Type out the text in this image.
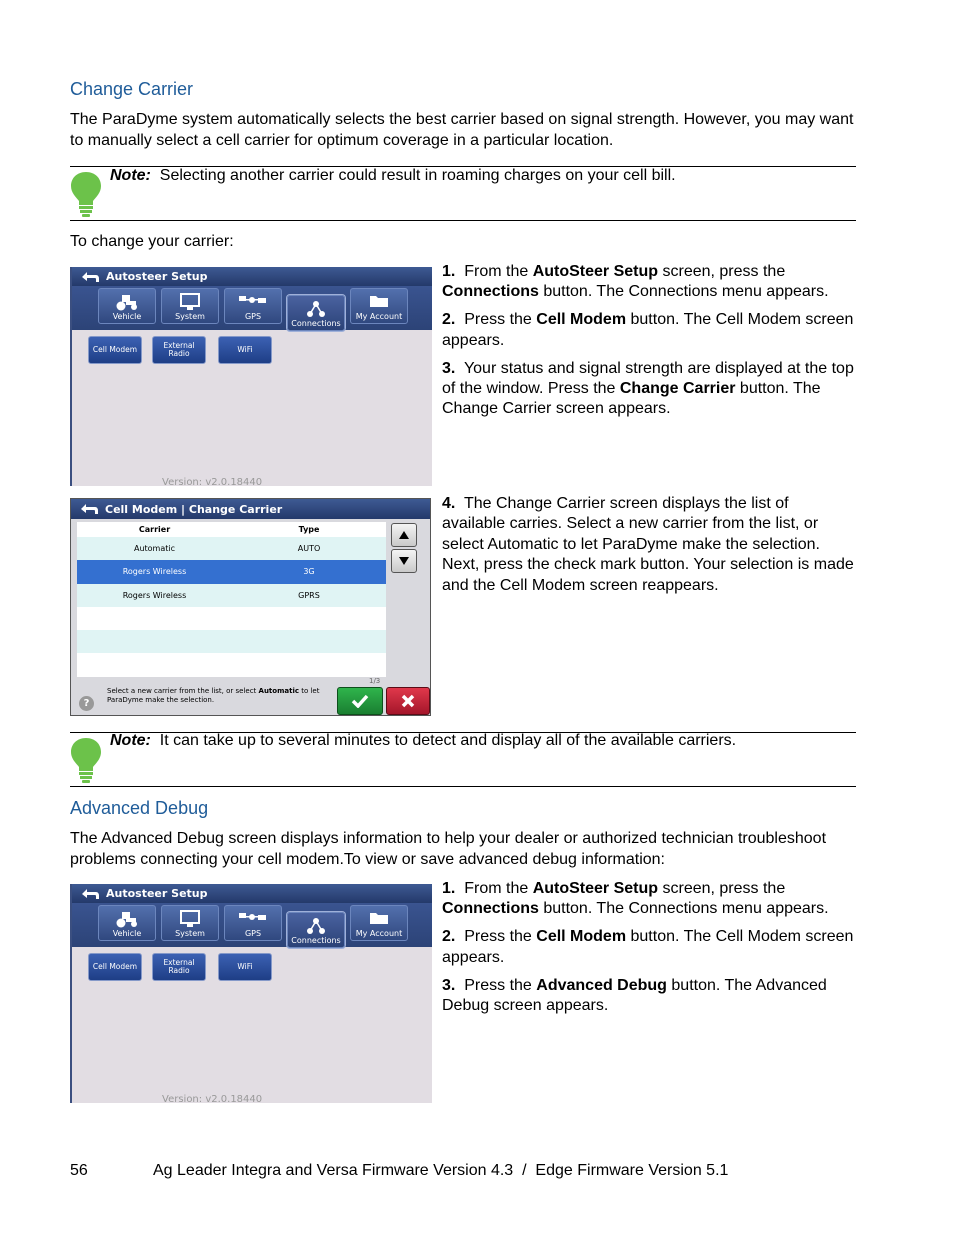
Change Carrier
The ParaDyme system automatically selects the best carrier based on signal strength. However, you may want to manually select a cell carrier for optimum coverage in a particular location.
Note: Selecting another carrier could result in roaming charges on your cell bill.
To change your carrier:
Autosteer Setup
Vehicle	System	GPS
Connections
My Account
Cell Modem	External Radio	WiFi
Version: v2.0.18440

1. From the AutoSteer Setup screen, press the Connections button. The Connections menu appears.

2. Press the Cell Modem button. The Cell Modem screen appears.

3. Your status and signal strength are displayed at the top of the window. Press the Change Carrier button. The Change Carrier screen appears.

Cell Modem | Change Carrier
Carrier	Type
Automatic	AUTO
Rogers Wireless	3G
Rogers Wireless	GPRS
1/3
?
Select a new carrier from the list, or select Automatic to let ParaDyme make the selection.

4. The Change Carrier screen displays the list of available carries. Select a new carrier from the list, or select Automatic to let ParaDyme make the selection. Next, press the check mark button. Your selection is made and the Cell Modem screen reappears.

Note: It can take up to several minutes to detect and display all of the available carriers.
Advanced Debug
The Advanced Debug screen displays information to help your dealer or authorized technician troubleshoot problems connecting your cell modem.To view or save advanced debug information:
Autosteer Setup
Vehicle	System	GPS
Connections
My Account
Cell Modem	External Radio	WiFi
Version: v2.0.18440

1. From the AutoSteer Setup screen, press the Connections button. The Connections menu appears.

2. Press the Cell Modem button. The Cell Modem screen appears.

3. Press the Advanced Debug button. The Advanced Debug screen appears.

56	Ag Leader Integra and Versa Firmware Version 4.3  /  Edge Firmware Version 5.1
